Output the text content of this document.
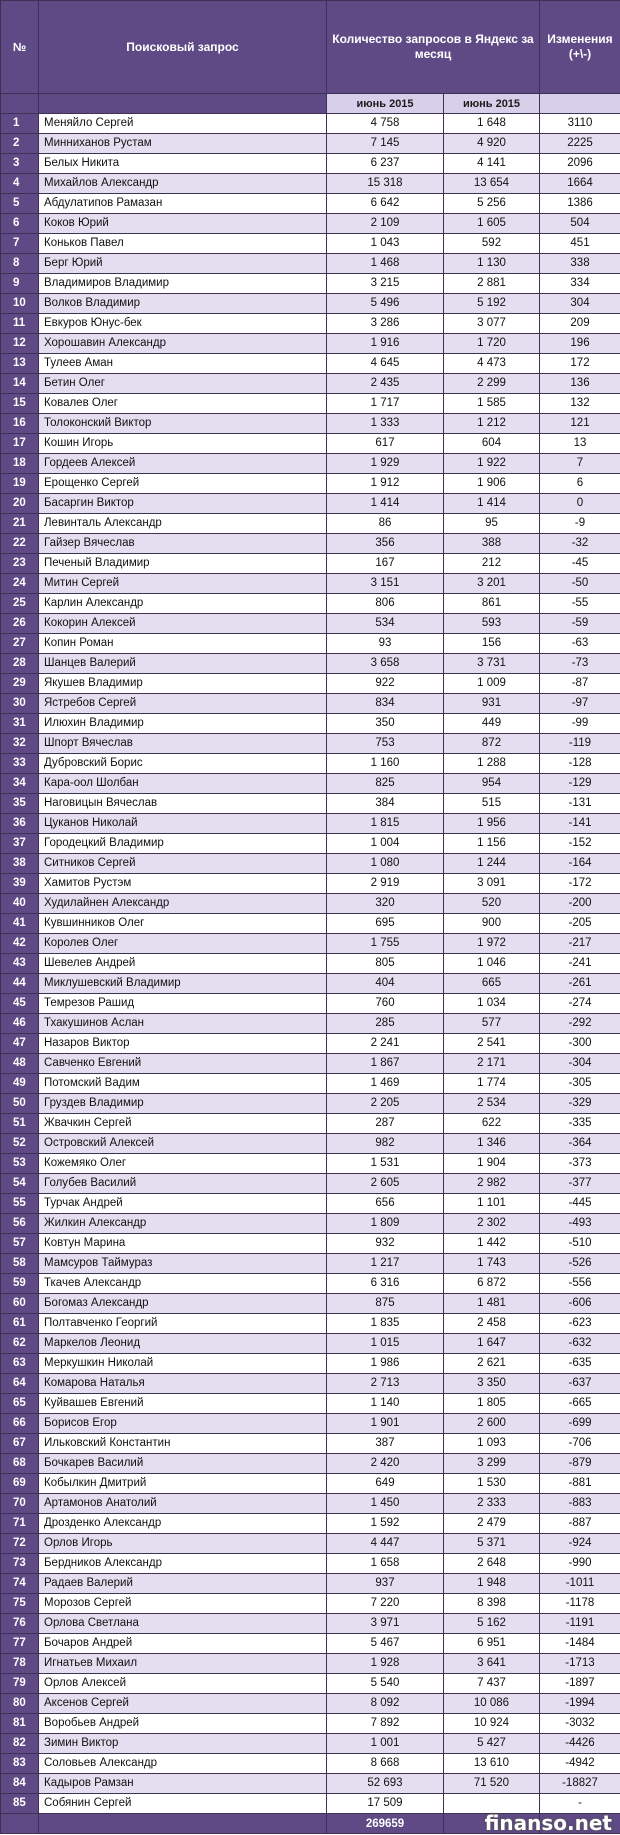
№	Поисковый запрос	Количество запросов в Яндекс за месяц		Изменения (+\-)
		июнь 2015	июнь 2015	
1	Меняйло Сергей	4 758	1 648	3110
2	Минниханов Рустам	7 145	4 920	2225
3	Белых Никита	6 237	4 141	2096
4	Михайлов Александр	15 318	13 654	1664
5	Абдулатипов Рамазан	6 642	5 256	1386
6	Коков Юрий	2 109	1 605	504
7	Коньков Павел	1 043	592	451
8	Берг Юрий	1 468	1 130	338
9	Владимиров Владимир	3 215	2 881	334
10	Волков Владимир	5 496	5 192	304
11	Евкуров Юнус-бек	3 286	3 077	209
12	Хорошавин Александр	1 916	1 720	196
13	Тулеев Аман	4 645	4 473	172
14	Бетин Олег	2 435	2 299	136
15	Ковалев Олег	1 717	1 585	132
16	Толоконский Виктор	1 333	1 212	121
17	Кошин Игорь	617	604	13
18	Гордеев Алексей	1 929	1 922	7
19	Ерощенко Сергей	1 912	1 906	6
20	Басаргин Виктор	1 414	1 414	0
21	Левинталь Александр	86	95	-9
22	Гайзер Вячеслав	356	388	-32
23	Печеный Владимир	167	212	-45
24	Митин Сергей	3 151	3 201	-50
25	Карлин Александр	806	861	-55
26	Кокорин Алексей	534	593	-59
27	Копин Роман	93	156	-63
28	Шанцев Валерий	3 658	3 731	-73
29	Якушев Владимир	922	1 009	-87
30	Ястребов Сергей	834	931	-97
31	Илюхин Владимир	350	449	-99
32	Шпорт Вячеслав	753	872	-119
33	Дубровский Борис	1 160	1 288	-128
34	Кара-оол Шолбан	825	954	-129
35	Наговицын Вячеслав	384	515	-131
36	Цуканов Николай	1 815	1 956	-141
37	Городецкий Владимир	1 004	1 156	-152
38	Ситников Сергей	1 080	1 244	-164
39	Хамитов Рустэм	2 919	3 091	-172
40	Худилайнен Александр	320	520	-200
41	Кувшинников Олег	695	900	-205
42	Королев Олег	1 755	1 972	-217
43	Шевелев Андрей	805	1 046	-241
44	Миклушевский Владимир	404	665	-261
45	Темрезов Рашид	760	1 034	-274
46	Тхакушинов Аслан	285	577	-292
47	Назаров Виктор	2 241	2 541	-300
48	Савченко Евгений	1 867	2 171	-304
49	Потомский Вадим	1 469	1 774	-305
50	Груздев Владимир	2 205	2 534	-329
51	Жвачкин Сергей	287	622	-335
52	Островский Алексей	982	1 346	-364
53	Кожемяко Олег	1 531	1 904	-373
54	Голубев Василий	2 605	2 982	-377
55	Турчак Андрей	656	1 101	-445
56	Жилкин Александр	1 809	2 302	-493
57	Ковтун Марина	932	1 442	-510
58	Мамсуров Таймураз	1 217	1 743	-526
59	Ткачев Александр	6 316	6 872	-556
60	Богомаз Александр	875	1 481	-606
61	Полтавченко Георгий	1 835	2 458	-623
62	Маркелов Леонид	1 015	1 647	-632
63	Меркушкин Николай	1 986	2 621	-635
64	Комарова Наталья	2 713	3 350	-637
65	Куйвашев Евгений	1 140	1 805	-665
66	Борисов Егор	1 901	2 600	-699
67	Ильковский Константин	387	1 093	-706
68	Бочкарев Василий	2 420	3 299	-879
69	Кобылкин Дмитрий	649	1 530	-881
70	Артамонов Анатолий	1 450	2 333	-883
71	Дрозденко Александр	1 592	2 479	-887
72	Орлов Игорь	4 447	5 371	-924
73	Бердников Александр	1 658	2 648	-990
74	Радаев Валерий	937	1 948	-1011
75	Морозов Сергей	7 220	8 398	-1178
76	Орлова Светлана	3 971	5 162	-1191
77	Бочаров Андрей	5 467	6 951	-1484
78	Игнатьев Михаил	1 928	3 641	-1713
79	Орлов Алексей	5 540	7 437	-1897
80	Аксенов Сергей	8 092	10 086	-1994
81	Воробьев Андрей	7 892	10 924	-3032
82	Зимин Виктор	1 001	5 427	-4426
83	Соловьев Александр	8 668	13 610	-4942
84	Кадыров Рамзан	52 693	71 520	-18827
85	Собянин Сергей	17 509		-
		269659			finanso.net
